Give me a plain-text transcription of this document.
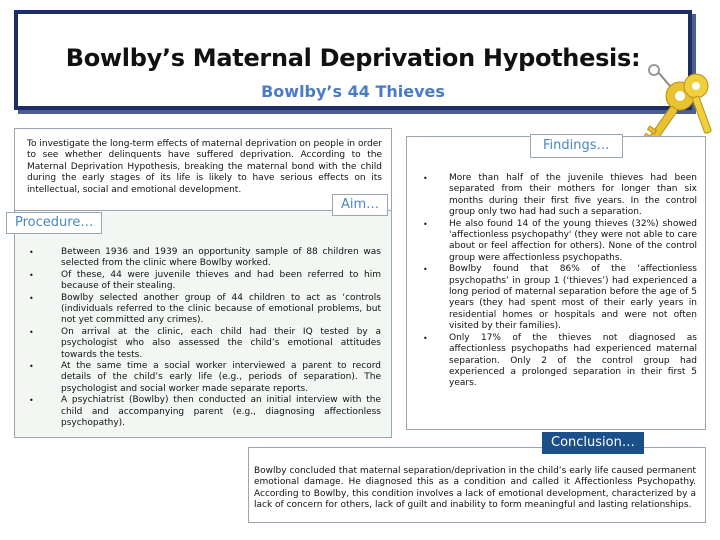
Bowlby’s Maternal Deprivation Hypothesis:
Bowlby’s 44 Thieves
To investigate the long-term effects of maternal deprivation on people in order to see whether delinquents have suffered deprivation. According to the Maternal Deprivation Hypothesis, breaking the maternal bond with the child during the early stages of its life is likely to have serious effects on its intellectual, social and emotional development.
• Between 1936 and 1939 an opportunity sample of 88 children was selected from the clinic where Bowlby worked.
• Of these, 44 were juvenile thieves and had been referred to him because of their stealing.
• Bowlby selected another group of 44 children to act as ‘controls (individuals referred to the clinic because of emotional problems, but not yet committed any crimes).
• On arrival at the clinic, each child had their IQ tested by a psychologist who also assessed the child’s emotional attitudes towards the tests.
• At the same time a social worker interviewed a parent to record details of the child’s early life (e.g., periods of separation). The psychologist and social worker made separate reports.
• A psychiatrist (Bowlby) then conducted an initial interview with the child and accompanying parent (e.g., diagnosing affectionless psychopathy).
Aim…
Procedure…
• More than half of the juvenile thieves had been separated from their mothers for longer than six months during their first five years. In the control group only two had had such a separation.
• He also found 14 of the young thieves (32%) showed 'affectionless psychopathy' (they were not able to care about or feel affection for others). None of the control group were affectionless psychopaths.
• Bowlby found that 86% of the ‘affectionless psychopaths’ in group 1 (‘thieves’) had experienced a long period of maternal separation before the age of 5 years (they had spent most of their early years in residential homes or hospitals and were not often visited by their families).
• Only 17% of the thieves not diagnosed as affectionless psychopaths had experienced maternal separation. Only 2 of the control group had experienced a prolonged separation in their first 5 years.
Findings…
Bowlby concluded that maternal separation/deprivation in the child’s early life caused permanent emotional damage. He diagnosed this as a condition and called it Affectionless Psychopathy. According to Bowlby, this condition involves a lack of emotional development, characterized by a lack of concern for others, lack of guilt and inability to form meaningful and lasting relationships.
Conclusion…
